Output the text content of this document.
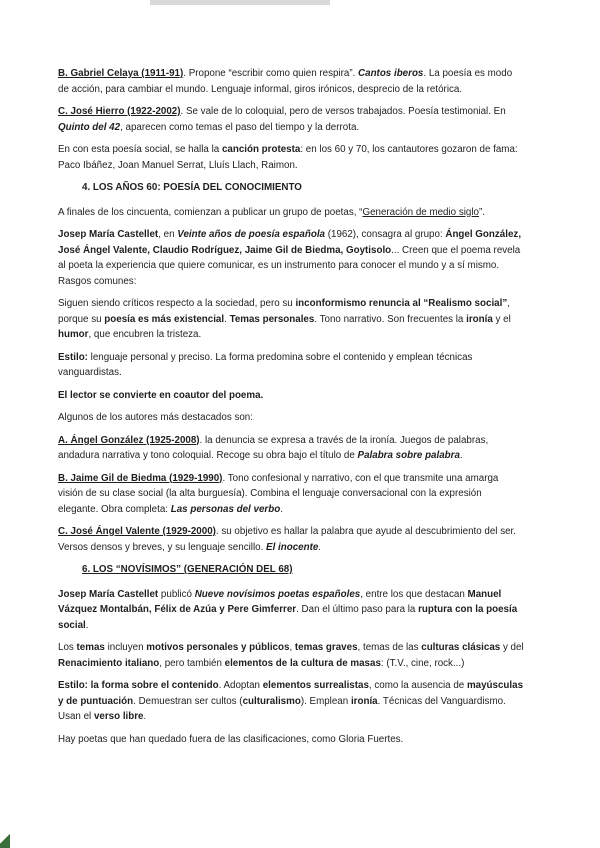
B. Gabriel Celaya (1911-91). Propone “escribir como quien respira”. Cantos iberos. La poesía es modo de acción, para cambiar el mundo. Lenguaje informal, giros irónicos, desprecio de la retórica.

C. José Hierro (1922-2002). Se vale de lo coloquial, pero de versos trabajados. Poesía testimonial. En Quinto del 42, aparecen como temas el paso del tiempo y la derrota.

En con esta poesía social, se halla la canción protesta: en los 60 y 70, los cantautores gozaron de fama: Paco Ibáñez, Joan Manuel Serrat, Lluís Llach, Raimon.

4. LOS AÑOS 60: POESÍA DEL CONOCIMIENTO

A finales de los cincuenta, comienzan a publicar un grupo de poetas, “Generación de medio siglo”.

Josep María Castellet, en Veinte años de poesía española (1962), consagra al grupo: Ángel González, José Ángel Valente, Claudio Rodríguez, Jaime Gil de Biedma, Goytisolo... Creen que el poema revela al poeta la experiencia que quiere comunicar, es un instrumento para conocer el mundo y a sí mismo. Rasgos comunes:

Siguen siendo críticos respecto a la sociedad, pero su inconformismo renuncia al “Realismo social”, porque su poesía es más existencial. Temas personales. Tono narrativo. Son frecuentes la ironía y el humor, que encubren la tristeza.

Estilo: lenguaje personal y preciso. La forma predomina sobre el contenido y emplean técnicas vanguardistas.

El lector se convierte en coautor del poema.

Algunos de los autores más destacados son:

A. Ángel González (1925-2008). la denuncia se expresa a través de la ironía. Juegos de palabras, andadura narrativa y tono coloquial. Recoge su obra bajo el título de Palabra sobre palabra.

B. Jaime Gil de Biedma (1929-1990). Tono confesional y narrativo, con el que transmite una amarga visión de su clase social (la alta burguesía). Combina el lenguaje conversacional con la expresión elegante. Obra completa: Las personas del verbo.

C. José Ángel Valente (1929-2000). su objetivo es hallar la palabra que ayude al descubrimiento del ser. Versos densos y breves, y su lenguaje sencillo. El inocente.

6. LOS “NOVÍSIMOS” (GENERACIÓN DEL 68)

Josep María Castellet publicó Nueve novísimos poetas españoles, entre los que destacan Manuel Vázquez Montalbán, Félix de Azúa y Pere Gimferrer. Dan el último paso para la ruptura con la poesía social.

Los temas incluyen motivos personales y públicos, temas graves, temas de las culturas clásicas y del Renacimiento italiano, pero también elementos de la cultura de masas: (T.V., cine, rock...)

Estilo: la forma sobre el contenido. Adoptan elementos surrealistas, como la ausencia de mayúsculas y de puntuación. Demuestran ser cultos (culturalismo). Emplean ironía. Técnicas del Vanguardismo. Usan el verso libre.

Hay poetas que han quedado fuera de las clasificaciones, como Gloria Fuertes.
